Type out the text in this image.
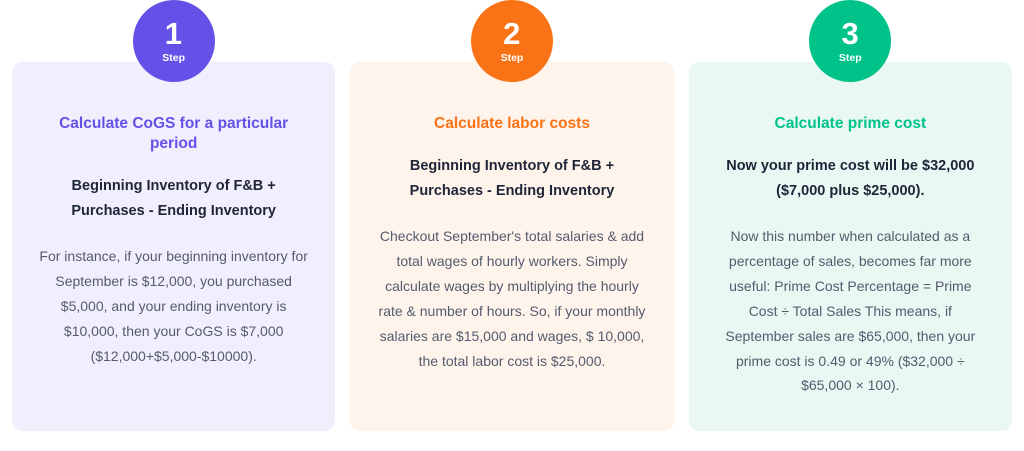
1
Step
Calculate CoGS for a particular period

Beginning Inventory of F&B + Purchases - Ending Inventory

For instance, if your beginning inventory for September is $12,000, you purchased $5,000, and your ending inventory is $10,000, then your CoGS is $7,000 ($12,000+$5,000-$10000).

2
Step
Calculate labor costs

Beginning Inventory of F&B + Purchases - Ending Inventory

Checkout September's total salaries & add total wages of hourly workers. Simply calculate wages by multiplying the hourly rate & number of hours. So, if your monthly salaries are $15,000 and wages, $ 10,000, the total labor cost is $25,000.

3
Step
Calculate prime cost

Now your prime cost will be $32,000 ($7,000 plus $25,000).

Now this number when calculated as a percentage of sales, becomes far more useful: Prime Cost Percentage = Prime Cost ÷ Total Sales This means, if September sales are $65,000, then your prime cost is 0.49 or 49% ($32,000 ÷ $65,000 × 100).
